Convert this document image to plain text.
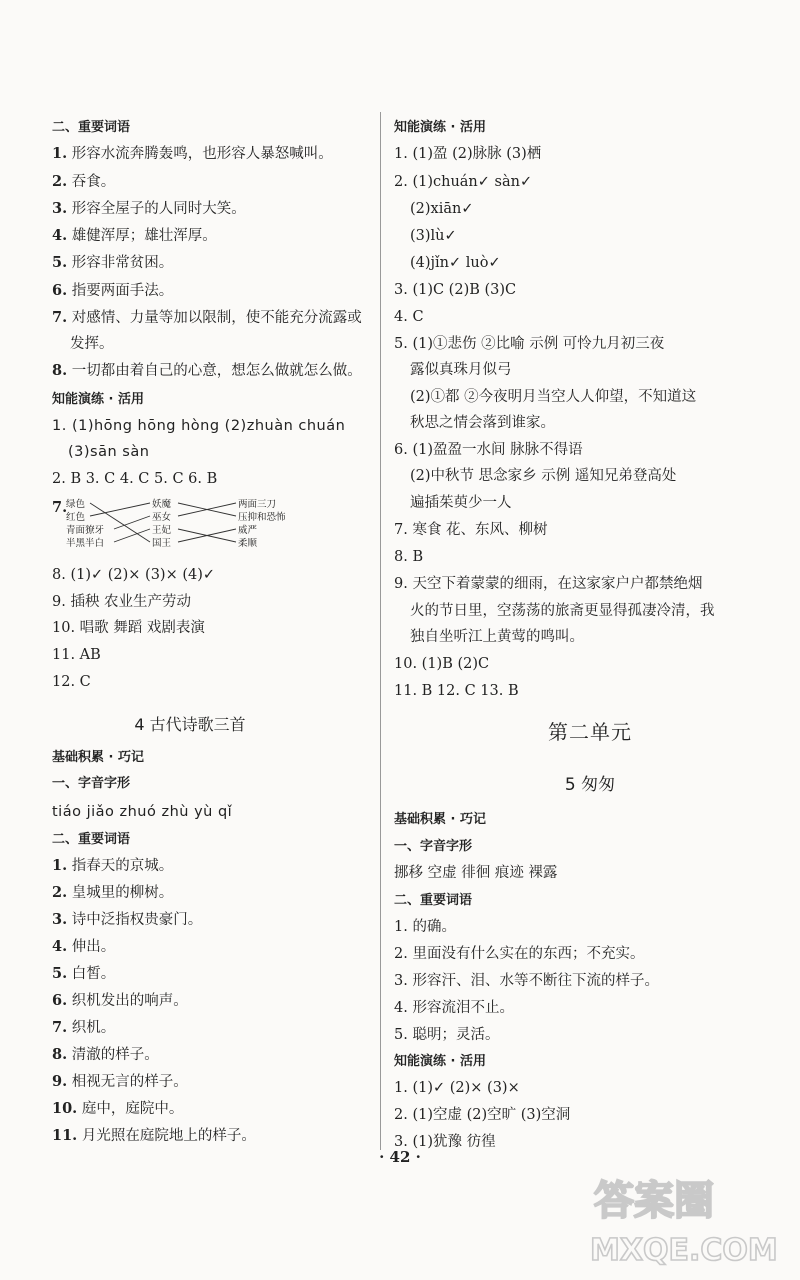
二、重要词语
1. 形容水流奔腾轰鸣，也形容人暴怒喊叫。
2. 吞食。
3. 形容全屋子的人同时大笑。
4. 雄健浑厚；雄壮浑厚。
5. 形容非常贫困。
6. 指要两面手法。
7. 对感情、力量等加以限制，使不能充分流露或
发挥。
8. 一切都由着自己的心意，想怎么做就怎么做。
知能演练 · 活用
1. (1)hōng hōng hòng (2)zhuàn chuán
(3)sān sàn
2. B 3. C 4. C 5. C 6. B
7.
绿色
红色
青面獠牙
半黑半白
妖魔
巫女
王妃
国王
两面三刀
压抑和恐怖
威严
柔顺
8. (1)✓ (2)× (3)× (4)✓
9. 插秧 农业生产劳动
10. 唱歌 舞蹈 戏剧表演
11. AB
12. C
4 古代诗歌三首
基础积累 · 巧记
一、字音字形
tiáo jiǎo zhuó zhù yù qǐ
二、重要词语
1. 指春天的京城。
2. 皇城里的柳树。
3. 诗中泛指权贵豪门。
4. 伸出。
5. 白皙。
6. 织机发出的响声。
7. 织机。
8. 清澈的样子。
9. 相视无言的样子。
10. 庭中，庭院中。
11. 月光照在庭院地上的样子。
知能演练 · 活用
1. (1)盈 (2)脉脉 (3)栖
2. (1)chuán✓ sàn✓
(2)xiān✓
(3)lù✓
(4)jǐn✓ luò✓
3. (1)C (2)B (3)C
4. C
5. (1)①悲伤 ②比喻 示例 可怜九月初三夜
露似真珠月似弓
(2)①都 ②今夜明月当空人人仰望，不知道这
秋思之情会落到谁家。
6. (1)盈盈一水间 脉脉不得语
(2)中秋节 思念家乡 示例 遥知兄弟登高处
遍插茱萸少一人
7. 寒食 花、东风、柳树
8. B
9. 天空下着蒙蒙的细雨，在这家家户户都禁绝烟
火的节日里，空荡荡的旅斋更显得孤凄冷清，我
独自坐听江上黄莺的鸣叫。
10. (1)B (2)C
11. B 12. C 13. B
第二单元
5 匆匆
基础积累 · 巧记
一、字音字形
挪移 空虚 徘徊 痕迹 裸露
二、重要词语
1. 的确。
2. 里面没有什么实在的东西；不充实。
3. 形容汗、泪、水等不断往下流的样子。
4. 形容流泪不止。
5. 聪明；灵活。
知能演练 · 活用
1. (1)✓ (2)× (3)×
2. (1)空虚 (2)空旷 (3)空洞
3. (1)犹豫 彷徨
· 42 ·
答案圈
MXQE.COM
